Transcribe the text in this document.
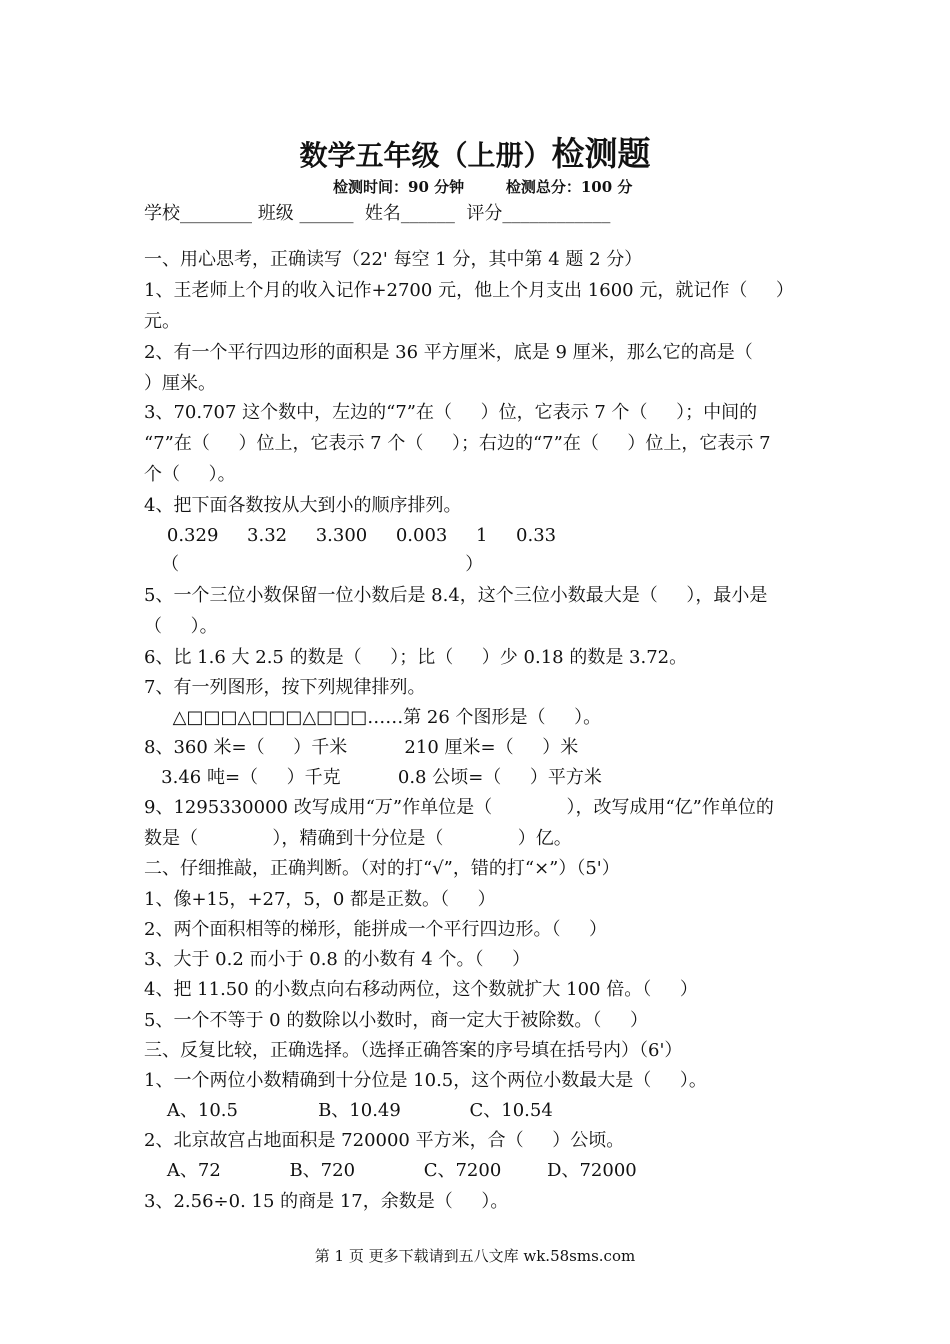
数学五年级（上册）检测题
检测时间：90 分钟        检测总分：100 分
学校________ 班级 ______  姓名______  评分____________
一、用心思考，正确读写（22' 每空 1 分，其中第 4 题 2 分）
1、王老师上个月的收入记作+2700 元，他上个月支出 1600 元，就记作（     ）
元。
2、有一个平行四边形的面积是 36 平方厘米，底是 9 厘米，那么它的高是（
）厘米。
3、70.707 这个数中，左边的“7”在（     ）位，它表示 7 个（     ）；中间的
“7”在（     ）位上，它表示 7 个（     ）；右边的“7”在（     ）位上，它表示 7
个（     ）。
4、把下面各数按从大到小的顺序排列。
0.329     3.32     3.300     0.003     1     0.33
（                                                  ）
5、一个三位小数保留一位小数后是 8.4，这个三位小数最大是（     ），最小是
（     ）。
6、比 1.6 大 2.5 的数是（     ）；比（     ）少 0.18 的数是 3.72。
7、有一列图形，按下列规律排列。
△□□□△□□□△□□□……第 26 个图形是（     ）。
8、360 米=（     ）千米          210 厘米=（     ）米
3.46 吨=（     ）千克          0.8 公顷=（     ）平方米
9、1295330000 改写成用“万”作单位是（             ），改写成用“亿”作单位的
数是（             ），精确到十分位是（             ）亿。
二、仔细推敲，正确判断。（对的打“√”，错的打“×”）（5'）
1、像+15，+27，5，0 都是正数。（     ）
2、两个面积相等的梯形，能拼成一个平行四边形。（     ）
3、大于 0.2 而小于 0.8 的小数有 4 个。（     ）
4、把 11.50 的小数点向右移动两位，这个数就扩大 100 倍。（     ）
5、一个不等于 0 的数除以小数时，商一定大于被除数。（     ）
三、反复比较，正确选择。（选择正确答案的序号填在括号内）（6'）
1、一个两位小数精确到十分位是 10.5，这个两位小数最大是（     ）。
A、10.5              B、10.49            C、10.54
2、北京故宫占地面积是 720000 平方米，合（     ）公顷。
A、72            B、720            C、7200        D、72000
3、2.56÷0. 15 的商是 17，余数是（     ）。
第 1 页 更多下载请到五八文库 wk.58sms.com
